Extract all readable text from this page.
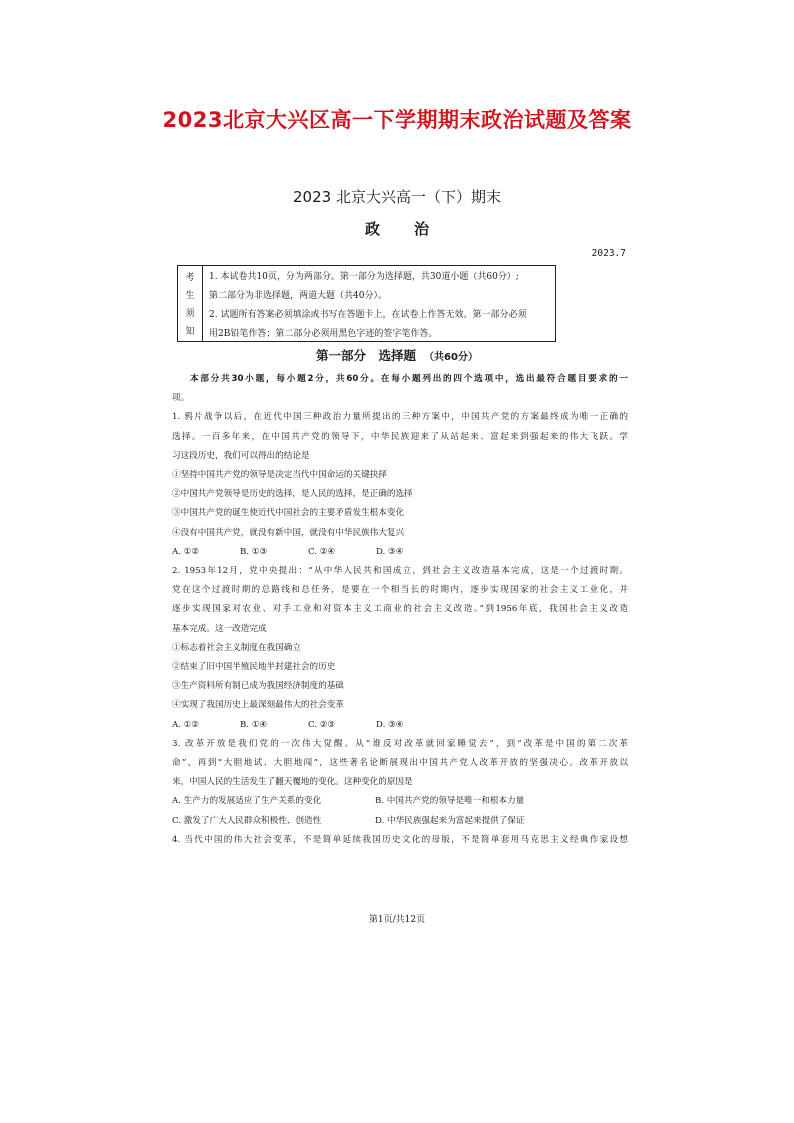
2023北京大兴区高一下学期期末政治试题及答案
2023 北京大兴高一（下）期末
政治
2023.7
考
生
须
知
1. 本试卷共10页，分为两部分。第一部分为选择题，共30道小题（共60分）;
第二部分为非选择题，两道大题（共40分）。
2. 试题所有答案必须填涂或书写在答题卡上，在试卷上作答无效。第一部分必须
用2B铅笔作答；第二部分必须用黑色字迹的签字笔作答。
第一部分　选择题 （共60分）

本部分共30小题，每小题2分，共60分。在每小题列出的四个选项中，选出最符合题目要求的一

项。

1. 鸦片战争以后，在近代中国三种政治力量所提出的三种方案中，中国共产党的方案最终成为唯一正确的

选择。一百多年来，在中国共产党的领导下，中华民族迎来了从站起来、富起来到强起来的伟大飞跃。学

习这段历史，我们可以得出的结论是

①坚持中国共产党的领导是决定当代中国命运的关键抉择

②中国共产党领导是历史的选择，是人民的选择，是正确的选择

③中国共产党的诞生使近代中国社会的主要矛盾发生根本变化

④没有中国共产党，就没有新中国，就没有中华民族伟大复兴

A. ①②	B. ①③	C. ②④	D. ③④

2. 1953年12月，党中央提出：“从中华人民共和国成立，到社会主义改造基本完成，这是一个过渡时期。

党在这个过渡时期的总路线和总任务，是要在一个相当长的时期内，逐步实现国家的社会主义工业化，并

逐步实现国家对农业、对手工业和对资本主义工商业的社会主义改造。”到1956年底，我国社会主义改造

基本完成。这一改造完成

①标志着社会主义制度在我国确立

②结束了旧中国半殖民地半封建社会的历史

③生产资料所有制已成为我国经济制度的基础

④实现了我国历史上最深刻最伟大的社会变革

A. ①②	B. ①④	C. ②③	D. ③④

3. 改革开放是我们党的一次伟大觉醒。从“谁反对改革就回家睡觉去”，到“改革是中国的第二次革

命”，再到“大胆地试、大胆地闯”，这些著名论断展现出中国共产党人改革开放的坚强决心。改革开放以

来，中国人民的生活发生了翻天覆地的变化。这种变化的原因是

A. 生产力的发展适应了生产关系的变化	B. 中国共产党的领导是唯一和根本力量
C. 激发了广大人民群众积极性、创造性	D. 中华民族强起来为富起来提供了保证

4. 当代中国的伟大社会变革，不是简单延续我国历史文化的母版，不是简单套用马克思主义经典作家设想

第1页/共12页
